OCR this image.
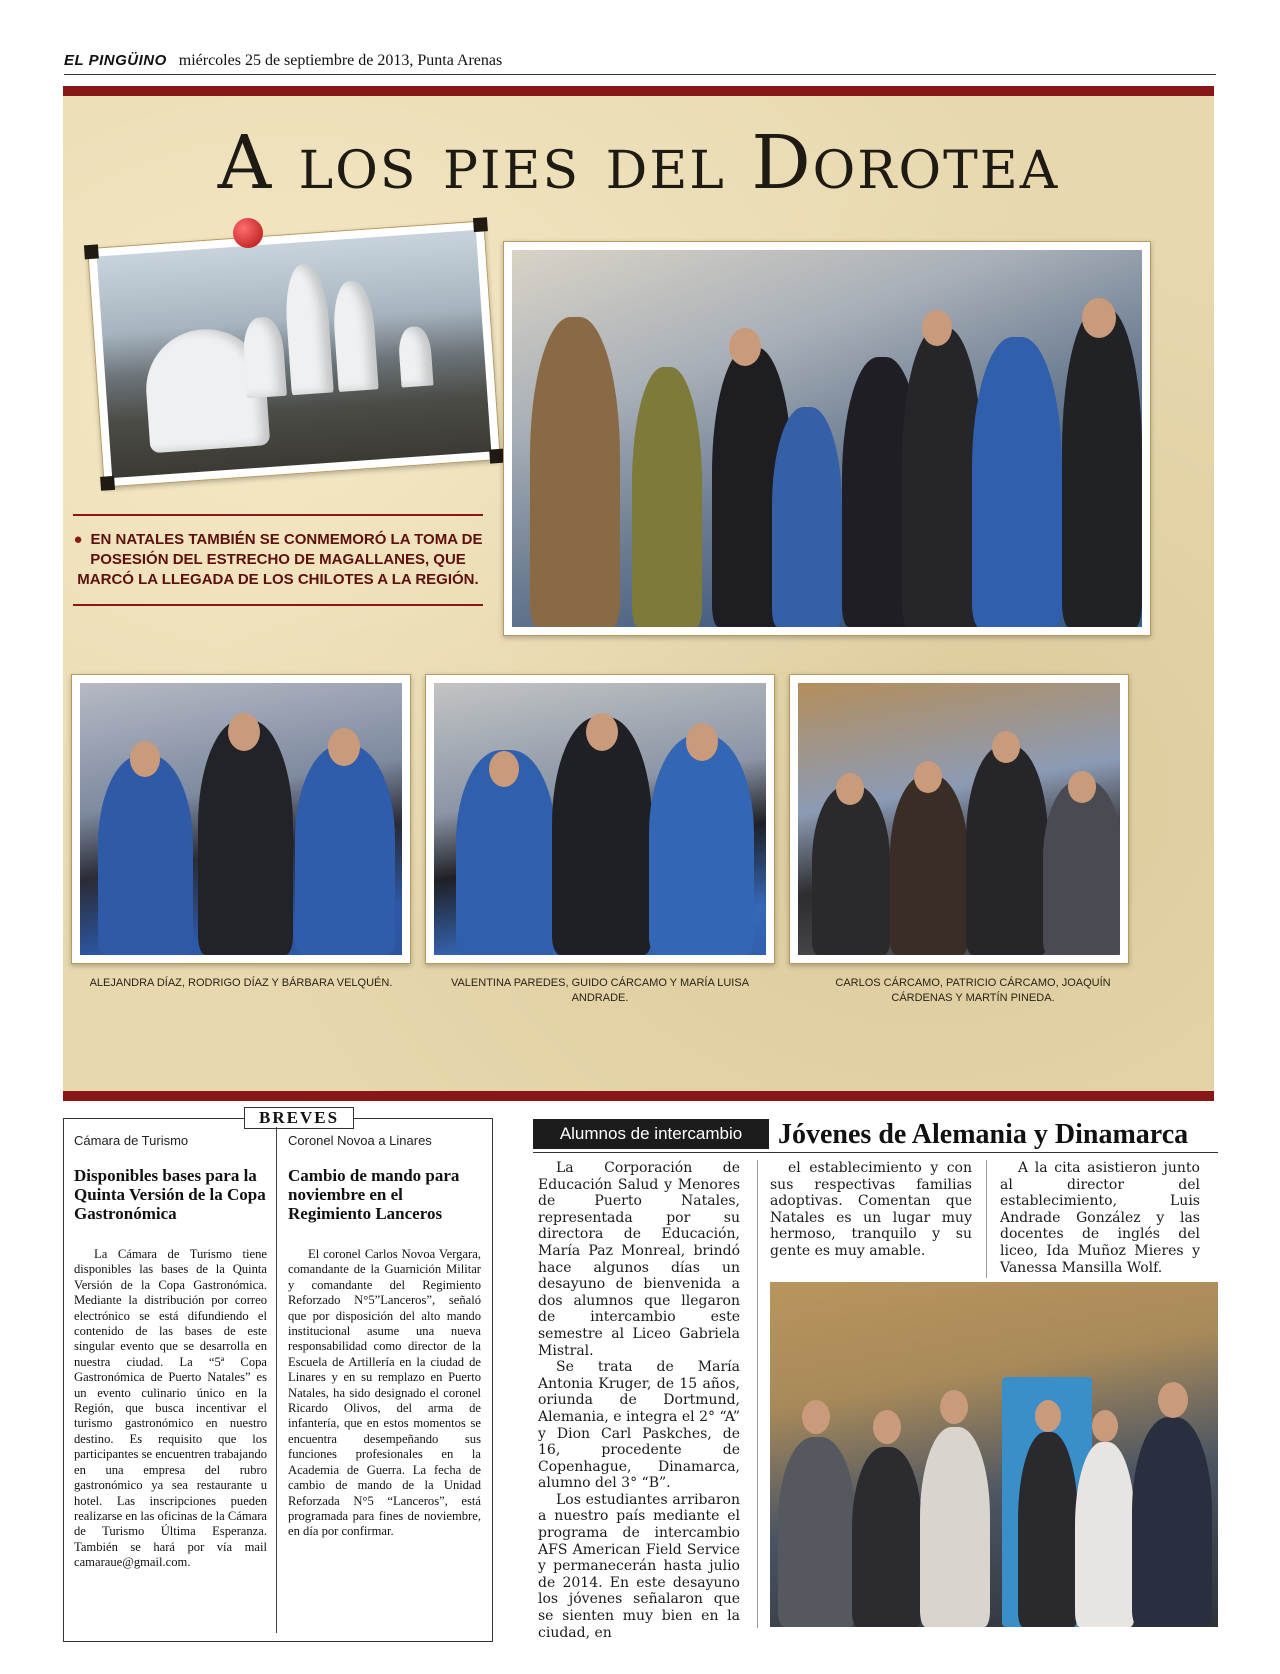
EL PINGÜINO miércoles 25 de septiembre de 2013, Punta Arenas
A los pies del Dorotea
● EN NATALES TAMBIÉN SE CONMEMORÓ LA TOMA DE POSESIÓN DEL ESTRECHO DE MAGALLANES, QUE MARCÓ LA LLEGADA DE LOS CHILOTES A LA REGIÓN.
ALEJANDRA DÍAZ, RODRIGO DÍAZ Y BÁRBARA VELQUÉN.	VALENTINA PAREDES, GUIDO CÁRCAMO Y MARÍA LUISA ANDRADE.
CARLOS CÁRCAMO, PATRICIO CÁRCAMO, JOAQUÍN CÁRDENAS Y MARTÍN PINEDA.
BREVES
Cámara de Turismo
Disponibles bases para la Quinta Versión de la Copa Gastronómica
La Cámara de Turismo tiene disponibles las bases de la Quinta Versión de la Copa Gastronómica. Mediante la distribución por correo electrónico se está difundiendo el contenido de las bases de este singular evento que se desarrolla en nuestra ciudad. La “5ª Copa Gastronómica de Puerto Natales” es un evento culinario único en la Región, que busca incentivar el turismo gastronómico en nuestro destino. Es requisito que los participantes se encuentren trabajando en una empresa del rubro gastronómico ya sea restaurante u hotel. Las inscripciones pueden realizarse en las oficinas de la Cámara de Turismo Última Esperanza. También se hará por vía mail camaraue@gmail.com.
Coronel Novoa a Linares
Cambio de mando para noviembre en el Regimiento Lanceros
El coronel Carlos Novoa Vergara, comandante de la Guarnición Militar y comandante del Regimiento Reforzado N°5”Lanceros”, señaló que por disposición del alto mando institucional asume una nueva responsabilidad como director de la Escuela de Artillería en la ciudad de Linares y en su remplazo en Puerto Natales, ha sido designado el coronel Ricardo Olivos, del arma de infantería, que en estos momentos se encuentra desempeñando sus funciones profesionales en la Academia de Guerra. La fecha de cambio de mando de la Unidad Reforzada N°5 “Lanceros”, está programada para fines de noviembre, en día por confirmar.
Alumnos de intercambio	Jóvenes de Alemania y Dinamarca

La Corporación de Educación Salud y Menores de Puerto Natales, representada por su directora de Educación, María Paz Monreal, brindó hace algunos días un desayuno de bienvenida a dos alumnos que llegaron de intercambio este semestre al Liceo Gabriela Mistral.

Se trata de María Antonia Kruger, de 15 años, oriunda de Dortmund, Alemania, e integra el 2° “A” y Dion Carl Paskches, de 16, procedente de Copenhague, Dinamarca, alumno del 3° “B”.

Los estudiantes arribaron a nuestro país mediante el programa de intercambio AFS American Field Service y permanecerán hasta julio de 2014. En este desayuno los jóvenes señalaron que se sienten muy bien en la ciudad, en

el establecimiento y con sus respectivas familias adoptivas. Comentan que Natales es un lugar muy hermoso, tranquilo y su gente es muy amable.

A la cita asistieron junto al director del establecimiento, Luis Andrade González y las docentes de inglés del liceo, Ida Muñoz Mieres y Vanessa Mansilla Wolf.
